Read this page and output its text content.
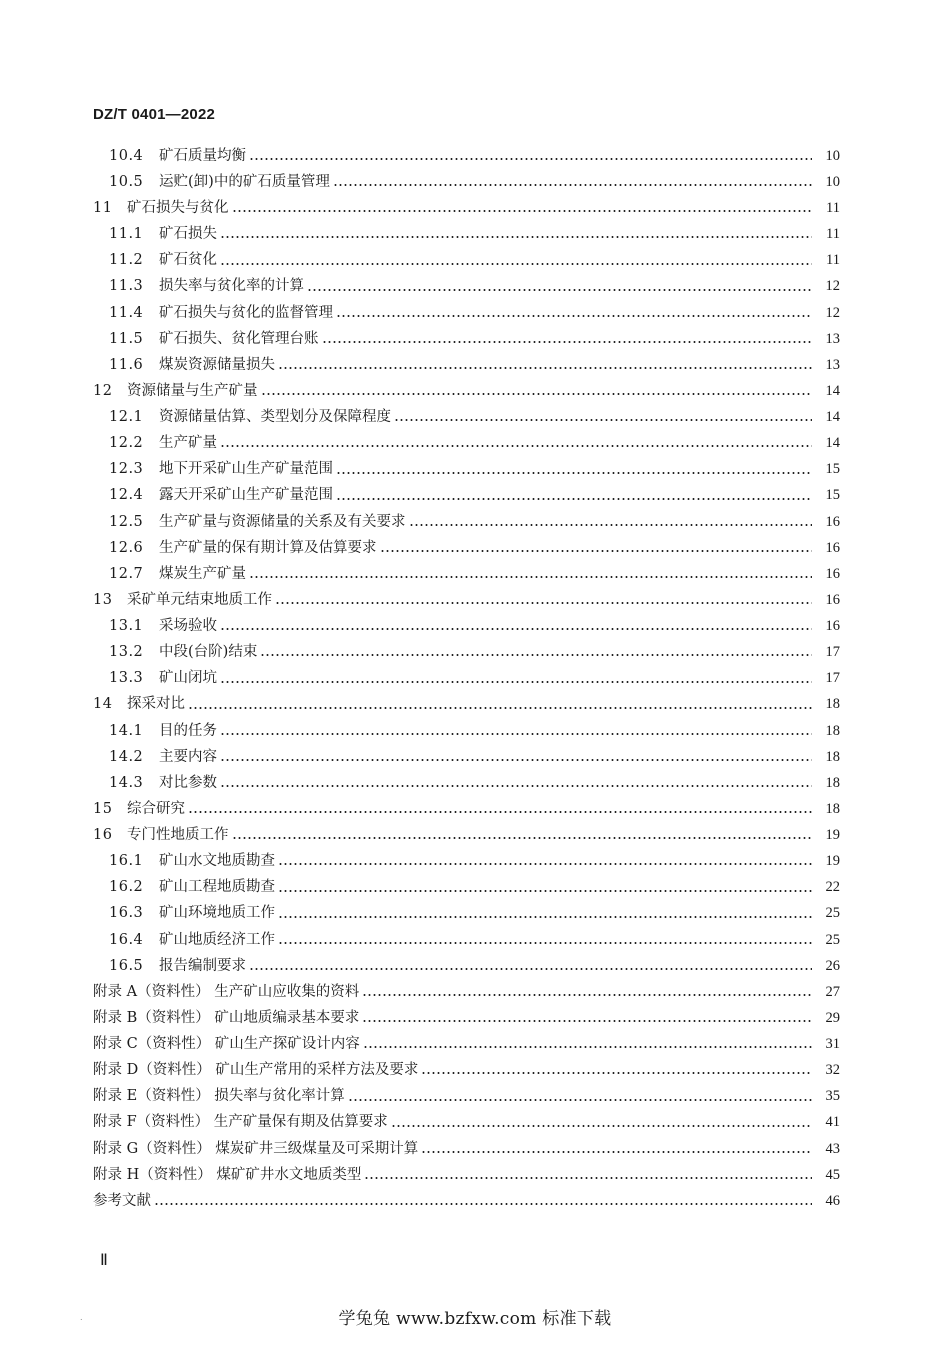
DZ/T 0401—2022
10.4	矿石质量均衡	10
10.5	运贮(卸)中的矿石质量管理	10
11	矿石损失与贫化	11
11.1	矿石损失	11
11.2	矿石贫化	11
11.3	损失率与贫化率的计算	12
11.4	矿石损失与贫化的监督管理	12
11.5	矿石损失、贫化管理台账	13
11.6	煤炭资源储量损失	13
12	资源储量与生产矿量	14
12.1	资源储量估算、类型划分及保障程度	14
12.2	生产矿量	14
12.3	地下开采矿山生产矿量范围	15
12.4	露天开采矿山生产矿量范围	15
12.5	生产矿量与资源储量的关系及有关要求	16
12.6	生产矿量的保有期计算及估算要求	16
12.7	煤炭生产矿量	16
13	采矿单元结束地质工作	16
13.1	采场验收	16
13.2	中段(台阶)结束	17
13.3	矿山闭坑	17
14	探采对比	18
14.1	目的任务	18
14.2	主要内容	18
14.3	对比参数	18
15	综合研究	18
16	专门性地质工作	19
16.1	矿山水文地质勘查	19
16.2	矿山工程地质勘查	22
16.3	矿山环境地质工作	25
16.4	矿山地质经济工作	25
16.5	报告编制要求	26
附录 A（资料性） 生产矿山应收集的资料	27
附录 B（资料性） 矿山地质编录基本要求	29
附录 C（资料性） 矿山生产探矿设计内容	31
附录 D（资料性） 矿山生产常用的采样方法及要求	32
附录 E（资料性） 损失率与贫化率计算	35
附录 F（资料性） 生产矿量保有期及估算要求	41
附录 G（资料性） 煤炭矿井三级煤量及可采期计算	43
附录 H（资料性） 煤矿矿井水文地质类型	45
参考文献	46
Ⅱ
.	学兔兔 www.bzfxw.com 标准下载
